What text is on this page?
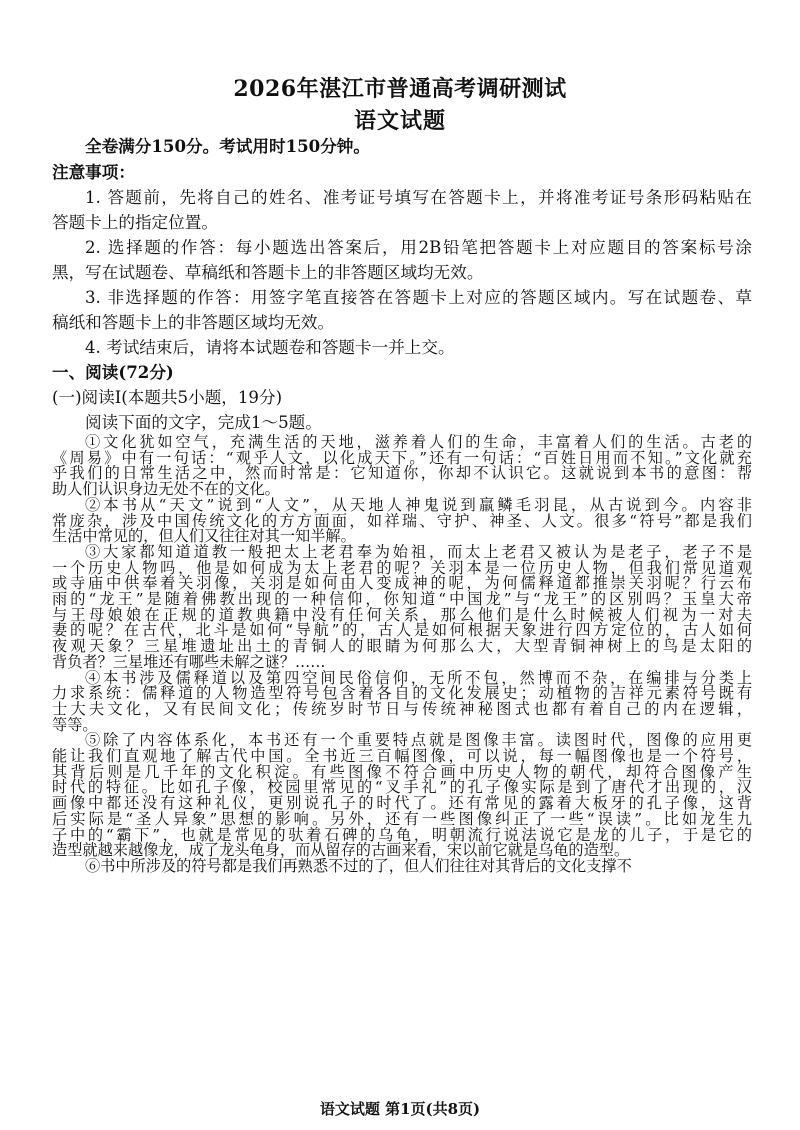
2026年湛江市普通高考调研测试
语文试题
全卷满分150分。考试用时150分钟。
注意事项：
1. 答题前，先将自己的姓名、准考证号填写在答题卡上，并将准考证号条形码粘贴在
答题卡上的指定位置。
2. 选择题的作答：每小题选出答案后，用2B铅笔把答题卡上对应题目的答案标号涂
黑，写在试题卷、草稿纸和答题卡上的非答题区域均无效。
3. 非选择题的作答：用签字笔直接答在答题卡上对应的答题区域内。写在试题卷、草
稿纸和答题卡上的非答题区域均无效。
4. 考试结束后，请将本试题卷和答题卡一并上交。
一、阅读(72分)
(一)阅读Ⅰ(本题共5小题，19分)
阅读下面的文字，完成1～5题。
①文化犹如空气，充满生活的天地，滋养着人们的生命，丰富着人们的生活。古老的
《周易》中有一句话：“观乎人文，以化成天下。”还有一句话：“百姓日用而不知。”文化就充
乎我们的日常生活之中，然而时常是：它知道你，你却不认识它。这就说到本书的意图：帮
助人们认识身边无处不在的文化。
②本书从“天文”说到“人文”，从天地人神鬼说到羸鳞毛羽昆，从古说到今。内容非
常庞杂，涉及中国传统文化的方方面面，如祥瑞、守护、神圣、人文。很多“符号”都是我们
生活中常见的，但人们又往往对其一知半解。
③大家都知道道教一般把太上老君奉为始祖，而太上老君又被认为是老子，老子不是
一个历史人物吗，他是如何成为太上老君的呢？关羽本是一位历史人物，但我们常见道观
或寺庙中供奉着关羽像，关羽是如何由人变成神的呢，为何儒释道都推崇关羽呢？行云布
雨的“龙王”是随着佛教出现的一种信仰，你知道“中国龙”与“龙王”的区别吗？玉皇大帝
与王母娘娘在正规的道教典籍中没有任何关系，那么他们是什么时候被人们视为一对夫
妻的呢？在古代，北斗是如何“导航”的，古人是如何根据天象进行四方定位的，古人如何
夜观天象？三星堆遗址出土的青铜人的眼睛为何那么大，大型青铜神树上的鸟是太阳的
背负者？三星堆还有哪些未解之谜？……
④本书涉及儒释道以及第四空间民俗信仰，无所不包，然博而不杂，在编排与分类上
力求系统：儒释道的人物造型符号包含着各自的文化发展史；动植物的吉祥元素符号既有
士大夫文化，又有民间文化；传统岁时节日与传统神秘图式也都有着自己的内在逻辑，
等等。
⑤除了内容体系化，本书还有一个重要特点就是图像丰富。读图时代，图像的应用更
能让我们直观地了解古代中国。全书近三百幅图像，可以说，每一幅图像也是一个符号，
其背后则是几千年的文化积淀。有些图像不符合画中历史人物的朝代，却符合图像产生
时代的特征。比如孔子像，校园里常见的“叉手礼”的孔子像实际是到了唐代才出现的，汉
画像中都还没有这种礼仪，更别说孔子的时代了。还有常见的露着大板牙的孔子像，这背
后实际是“圣人异象”思想的影响。另外，还有一些图像纠正了一些“误读”。比如龙生九
子中的“霸下”，也就是常见的驮着石碑的乌龟，明朝流行说法说它是龙的儿子，于是它的
造型就越来越像龙，成了龙头龟身，而从留存的古画来看，宋以前它就是乌龟的造型。
语文试题 第1页(共8页)
⑥书中所涉及的符号都是我们再熟悉不过的了，但人们往往对其背后的文化支撑不
